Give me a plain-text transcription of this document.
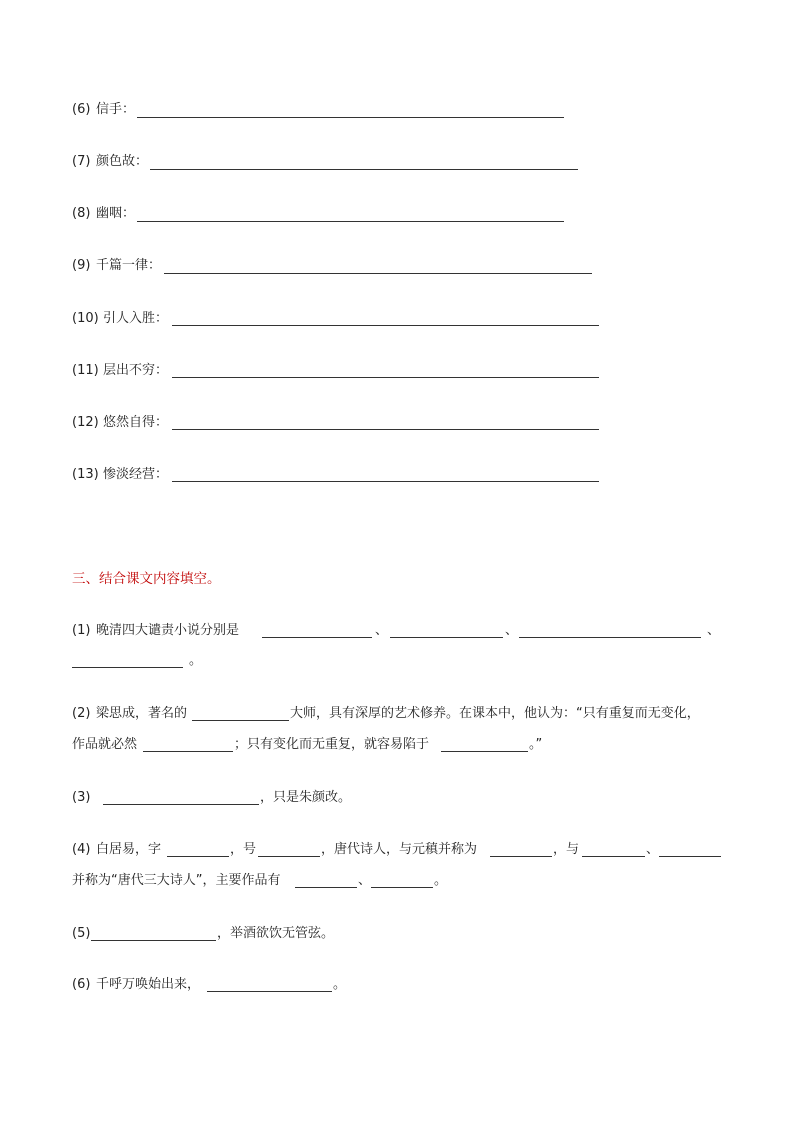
(6) 信手：
(7) 颜色故：
(8) 幽咽：
(9) 千篇一律：
(10) 引人入胜：
(11) 层出不穷：
(12) 悠然自得：
(13) 惨淡经营：
三、结合课文内容填空。
(1) 晚清四大谴责小说分别是	、	、	、
。
(2) 梁思成，著名的	大师，具有深厚的艺术修养。在课本中，他认为：“只有重复而无变化，
作品就必然	；只有变化而无重复，就容易陷于	。”
(3)	，只是朱颜改。
(4) 白居易，字	，号	，唐代诗人，与元稹并称为	，与	、
并称为“唐代三大诗人”，主要作品有	、	。
(5)	，举酒欲饮无管弦。
(6) 千呼万唤始出来，	。
